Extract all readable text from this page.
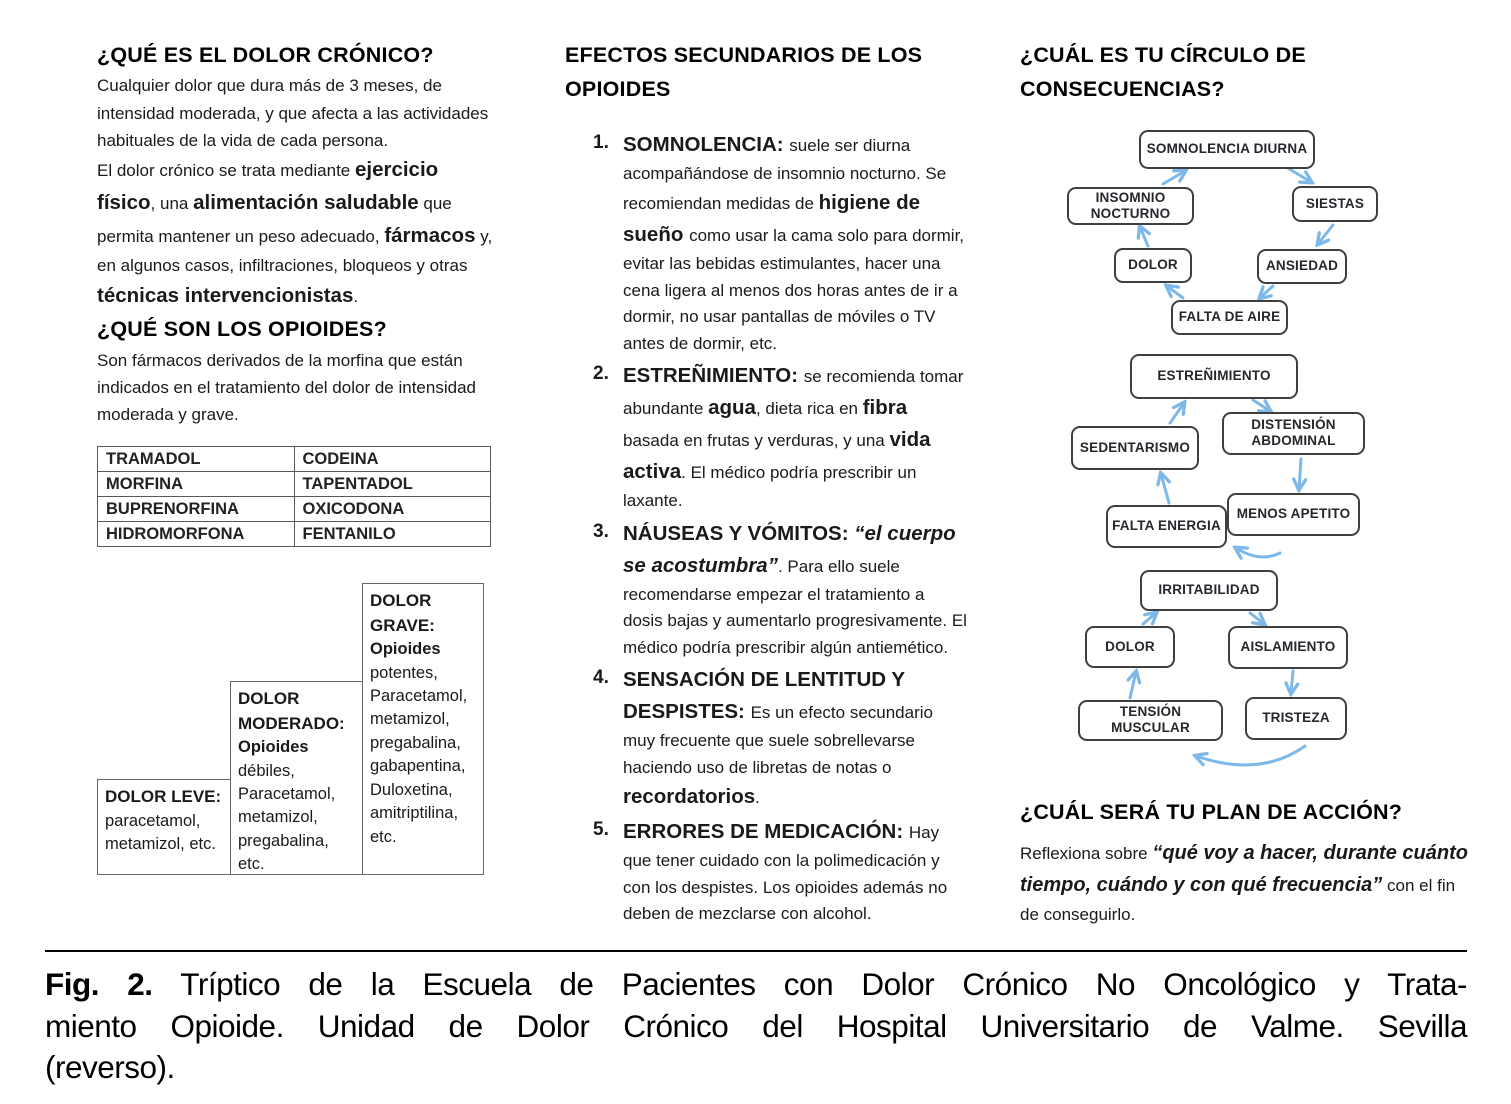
¿QUÉ ES EL DOLOR CRÓNICO?

Cualquier dolor que dura más de 3 meses, de intensidad moderada, y que afecta a las actividades habituales de la vida de cada persona.

El dolor crónico se trata mediante ejercicio físico, una alimentación saludable que permita mantener un peso adecuado, fármacos y, en algunos casos, infiltraciones, bloqueos y otras técnicas intervencionistas.

¿QUÉ SON LOS OPIOIDES?

Son fármacos derivados de la morfina que están indicados en el tratamiento del dolor de intensidad moderada y grave.

TRAMADOL	CODEINA
MORFINA	TAPENTADOL
BUPRENORFINA	OXICODONA
HIDROMORFONA	FENTANILO
DOLOR LEVE: paracetamol, metamizol, etc.
DOLOR MODERADO: Opioides débiles, Paracetamol, metamizol, pregabalina, etc.
DOLOR GRAVE: Opioides potentes, Paracetamol, metamizol, pregabalina, gabapentina, Duloxetina, amitriptilina, etc.
EFECTOS SECUNDARIOS DE LOS OPIOIDES
1. SOMNOLENCIA: suele ser diurna acompañándose de insomnio nocturno. Se recomiendan medidas de higiene de sueño como usar la cama solo para dormir, evitar las bebidas estimulantes, hacer una cena ligera al menos dos horas antes de ir a dormir, no usar pantallas de móviles o TV antes de dormir, etc.
2. ESTREÑIMIENTO: se recomienda tomar abundante agua, dieta rica en fibra basada en frutas y verduras, y una vida activa. El médico podría prescribir un laxante.
3. NÁUSEAS Y VÓMITOS: “el cuerpo se acostumbra”. Para ello suele recomendarse empezar el tratamiento a dosis bajas y aumentarlo progresivamente. El médico podría prescribir algún antiemético.
4. SENSACIÓN DE LENTITUD Y DESPISTES: Es un efecto secundario muy frecuente que suele sobrellevarse haciendo uso de libretas de notas o recordatorios.
5. ERRORES DE MEDICACIÓN: Hay que tener cuidado con la polimedicación y con los despistes. Los opioides además no deben de mezclarse con alcohol.
¿CUÁL ES TU CÍRCULO DE CONSECUENCIAS?
SOMNOLENCIA DIURNA
INSOMNIO NOCTURNO
SIESTAS
DOLOR	ANSIEDAD
FALTA DE AIRE
ESTREÑIMIENTO
DISTENSIÓN ABDOMINAL
MENOS APETITO
FALTA ENERGIA
SEDENTARISMO
IRRITABILIDAD
DOLOR	AISLAMIENTO
TENSIÓN MUSCULAR
TRISTEZA
¿CUÁL SERÁ TU PLAN DE ACCIÓN?

Reflexiona sobre “qué voy a hacer, durante cuánto tiempo, cuándo y con qué frecuencia” con el fin de conseguirlo.

Fig. 2. Tríptico de la Escuela de Pacientes con Dolor Crónico No Oncológico y Trata-
miento Opioide. Unidad de Dolor Crónico del Hospital Universitario de Valme. Sevilla
(reverso).
